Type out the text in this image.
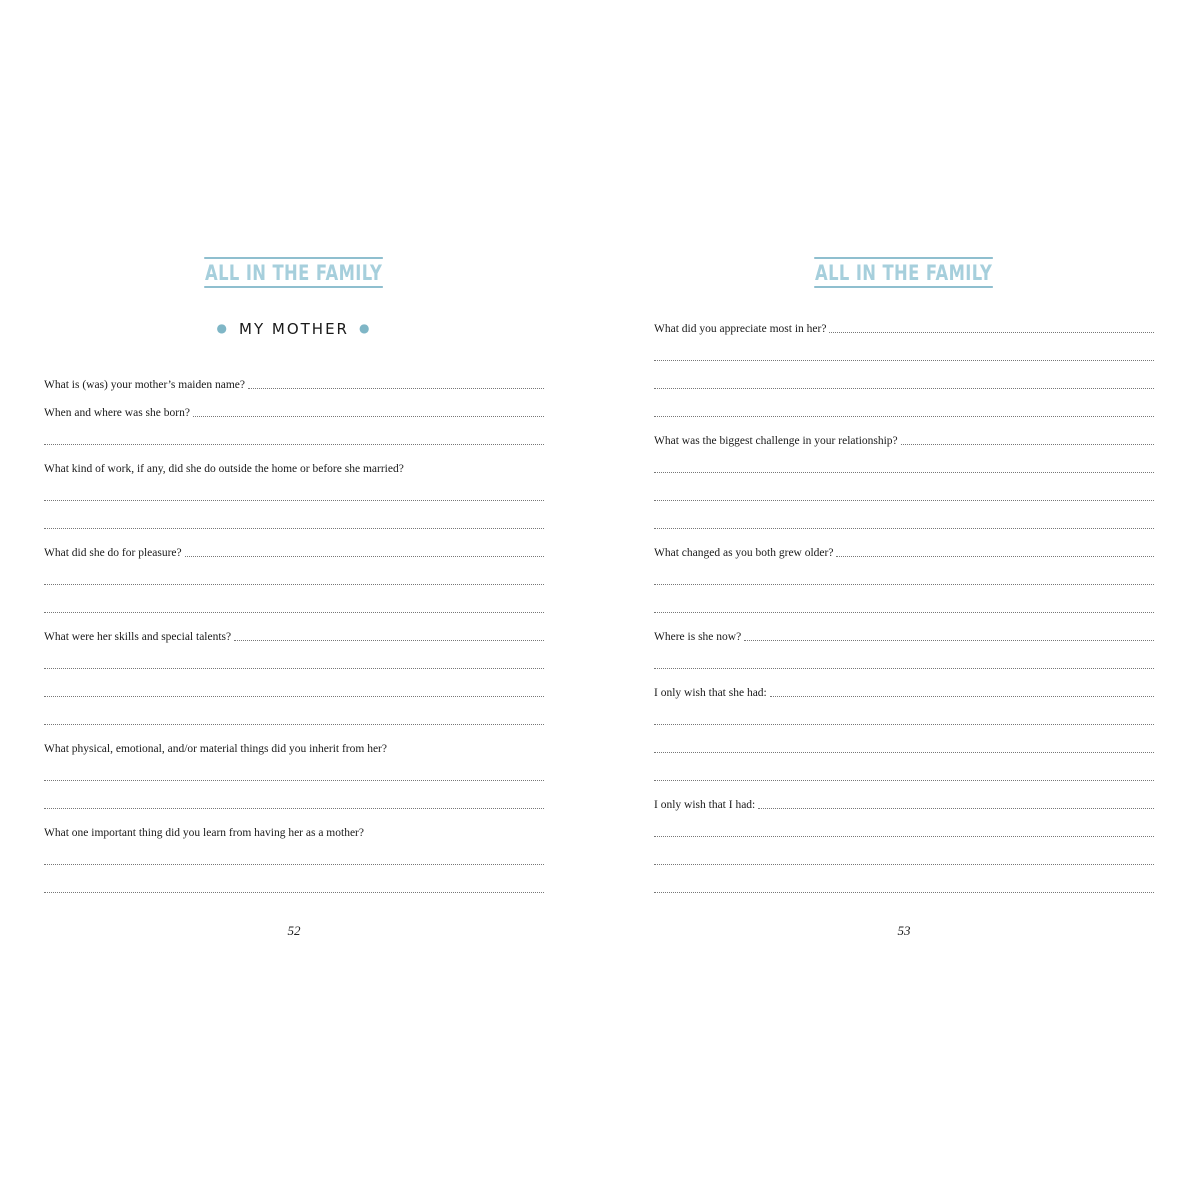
ALL IN THE FAMILY
● MY MOTHER ●
What is (was) your mother’s maiden name?
When and where was she born?
What kind of work, if any, did she do outside the home or before she married?
What did she do for pleasure?
What were her skills and special talents?
What physical, emotional, and/or material things did you inherit from her?
What one important thing did you learn from having her as a mother?
52
ALL IN THE FAMILY
What did you appreciate most in her?
What was the biggest challenge in your relationship?
What changed as you both grew older?
Where is she now?
I only wish that she had:
I only wish that I had:
53
